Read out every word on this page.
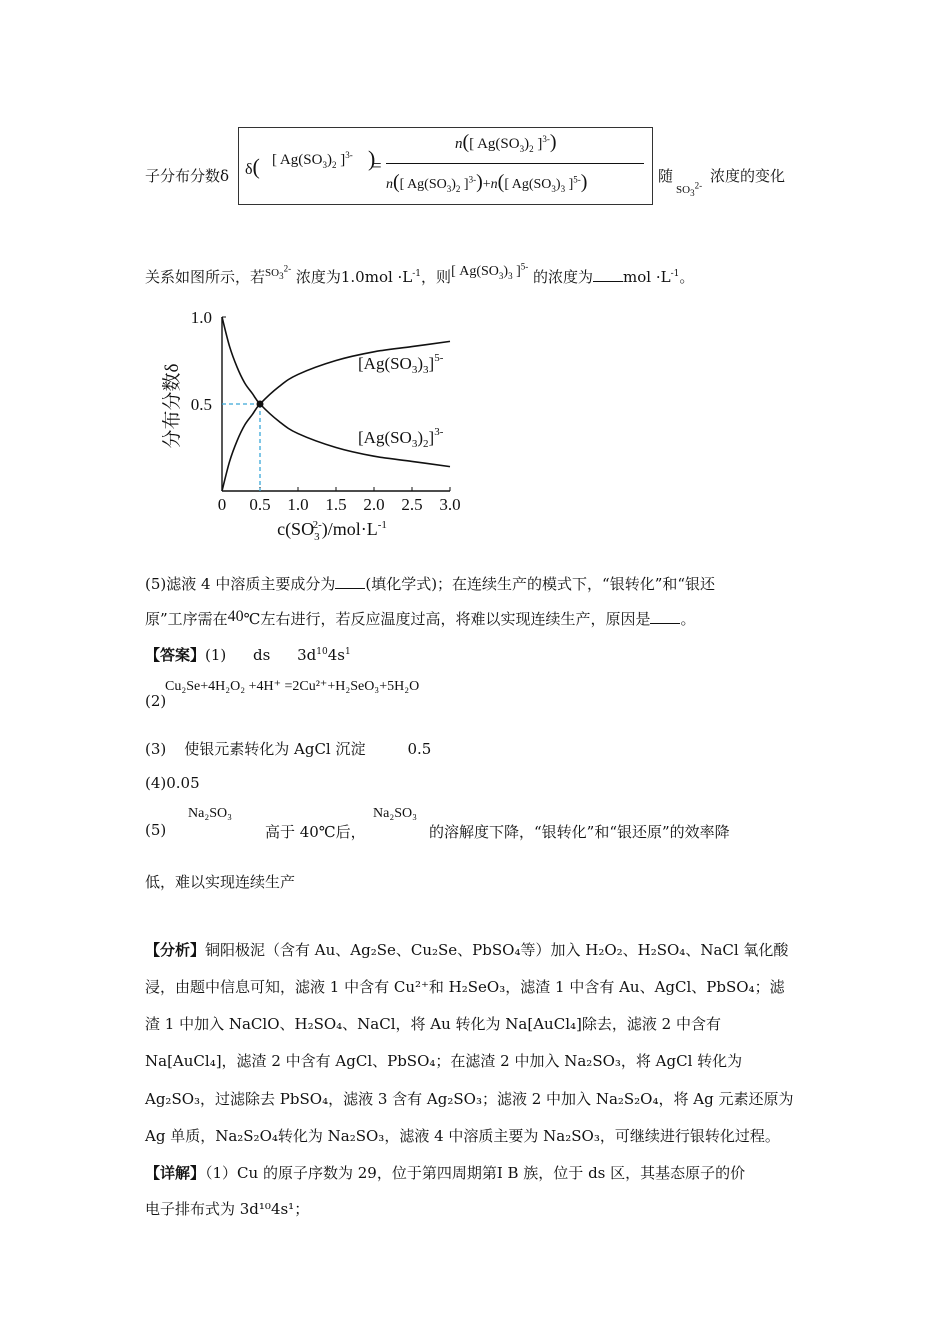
子分布分数δ δ( [ $Ag(SO_3)_2$ ]$^{3-}$ )
=
n([ $Ag(SO_3)_2$ ]$^{3-}$)
n([ $Ag(SO_3)_2$ ]$^{3-}$)+n([ $Ag(SO_3)_3$ ]$^{5-}$)	随
$SO_3^{2-}$
浓度的变化
关系如图所示，若$^{SO_3^{2-}}$ 浓度为$1.0mol \cdot L^{-1}$，则[ $Ag(SO_3)_3$ ]$^{5-}$ 的浓度为 mol $\cdot L^{-1}$。
0 0.5 1.0 1.5 2.0 2.5 3.0
0.5
1.0
$[Ag(SO_3)_3]^{5-}$
$[Ag(SO_3)_2]^{3-}$
分布分数δ
$c(SO_32-)/mol\cdot L^{-1}$
(5)滤液 4 中溶质主要成分为 (填化学式)；在连续生产的模式下，“银转化”和“银还
原”工序需在40℃左右进行，若反应温度过高，将难以实现连续生产，原因是 。
【答案】(1) ds $3d^{10}4s^1$
(2)
Cu₂Se+4H₂O₂ +4H⁺ =2Cu²⁺+H₂SeO₃+5H₂O
(3) 使银元素转化为 AgCl 沉淀	0.5
(4)0.05
(5)
Na₂SO₃
高于 40℃后，
Na₂SO₃
的溶解度下降，“银转化”和“银还原”的效率降
低，难以实现连续生产
【分析】铜阳极泥（含有 Au、Ag₂Se、Cu₂Se、PbSO₄等）加入 H₂O₂、H₂SO₄、NaCl 氧化酸
浸，由题中信息可知，滤液 1 中含有 Cu²⁺和 H₂SeO₃，滤渣 1 中含有 Au、AgCl、PbSO₄；滤
渣 1 中加入 NaClO、H₂SO₄、NaCl，将 Au 转化为 Na[AuCl₄]除去，滤液 2 中含有
Na[AuCl₄]，滤渣 2 中含有 AgCl、PbSO₄；在滤渣 2 中加入 Na₂SO₃，将 AgCl 转化为
Ag₂SO₃，过滤除去 PbSO₄，滤液 3 含有 Ag₂SO₃；滤液 2 中加入 Na₂S₂O₄，将 Ag 元素还原为
Ag 单质，Na₂S₂O₄转化为 Na₂SO₃，滤液 4 中溶质主要为 Na₂SO₃，可继续进行银转化过程。
【详解】（1）Cu 的原子序数为 29，位于第四周期第Ⅰ B 族，位于 ds 区，其基态原子的价
电子排布式为 3d¹⁰4s¹；
